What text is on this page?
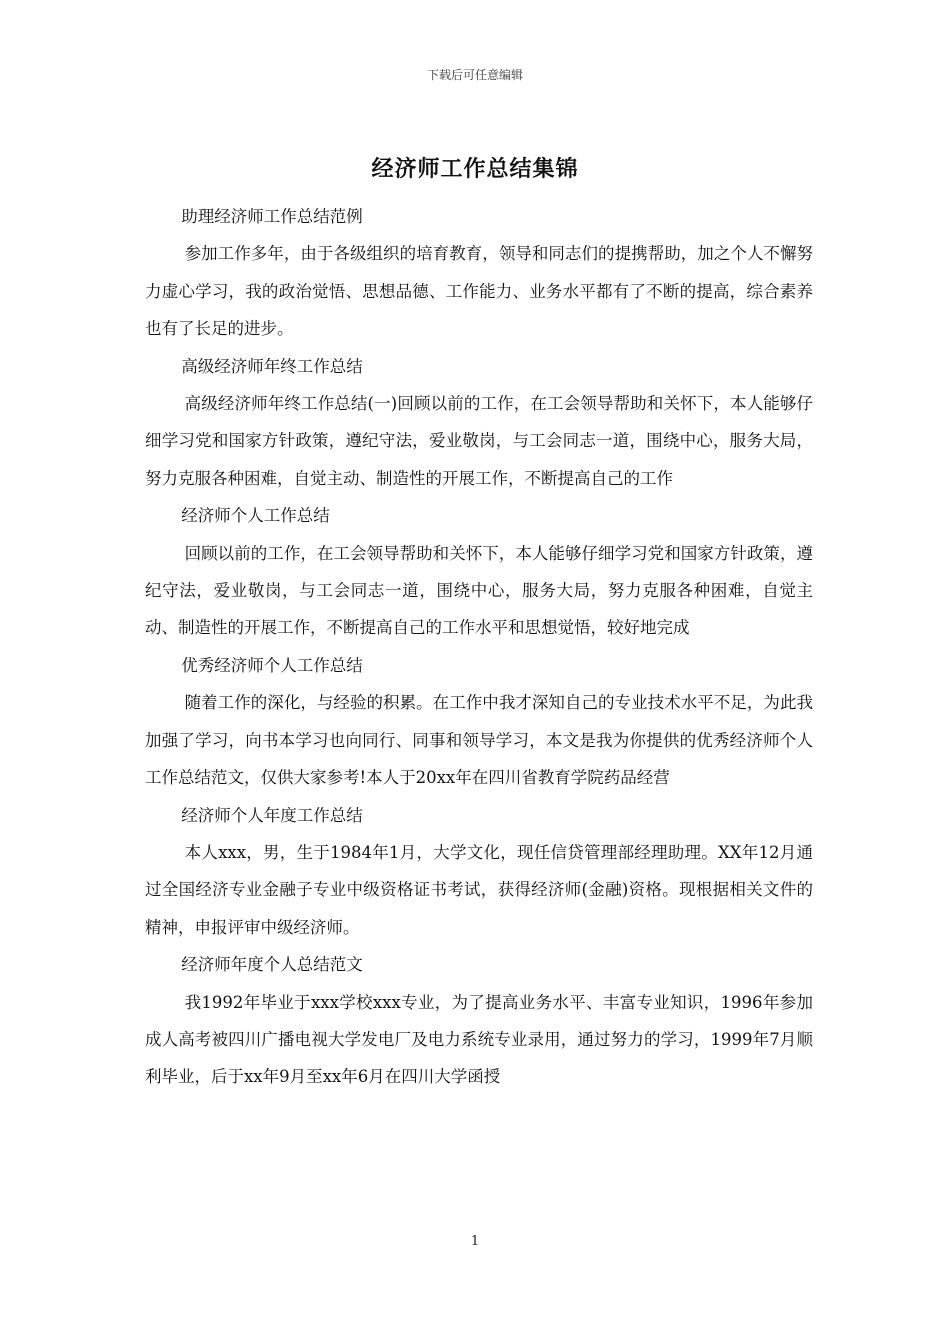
下载后可任意编辑
经济师工作总结集锦

助理经济师工作总结范例

参加工作多年，由于各级组织的培育教育，领导和同志们的提携帮助，加之个人不懈努力虚心学习，我的政治觉悟、思想品德、工作能力、业务水平都有了不断的提高，综合素养也有了长足的进步。

高级经济师年终工作总结

高级经济师年终工作总结(一)回顾以前的工作，在工会领导帮助和关怀下，本人能够仔细学习党和国家方针政策，遵纪守法，爱业敬岗，与工会同志一道，围绕中心，服务大局，努力克服各种困难，自觉主动、制造性的开展工作，不断提高自己的工作

经济师个人工作总结

回顾以前的工作，在工会领导帮助和关怀下，本人能够仔细学习党和国家方针政策，遵纪守法，爱业敬岗，与工会同志一道，围绕中心，服务大局，努力克服各种困难，自觉主动、制造性的开展工作，不断提高自己的工作水平和思想觉悟，较好地完成

优秀经济师个人工作总结

随着工作的深化，与经验的积累。在工作中我才深知自己的专业技术水平不足，为此我加强了学习，向书本学习也向同行、同事和领导学习，本文是我为你提供的优秀经济师个人工作总结范文，仅供大家参考!本人于20xx年在四川省教育学院药品经营

经济师个人年度工作总结

本人xxx，男，生于1984年1月，大学文化，现任信贷管理部经理助理。XX年12月通过全国经济专业金融子专业中级资格证书考试，获得经济师(金融)资格。现根据相关文件的精神，申报评审中级经济师。

经济师年度个人总结范文

我1992年毕业于xxx学校xxx专业，为了提高业务水平、丰富专业知识，1996年参加成人高考被四川广播电视大学发电厂及电力系统专业录用，通过努力的学习，1999年7月顺利毕业，后于xx年9月至xx年6月在四川大学函授

1
